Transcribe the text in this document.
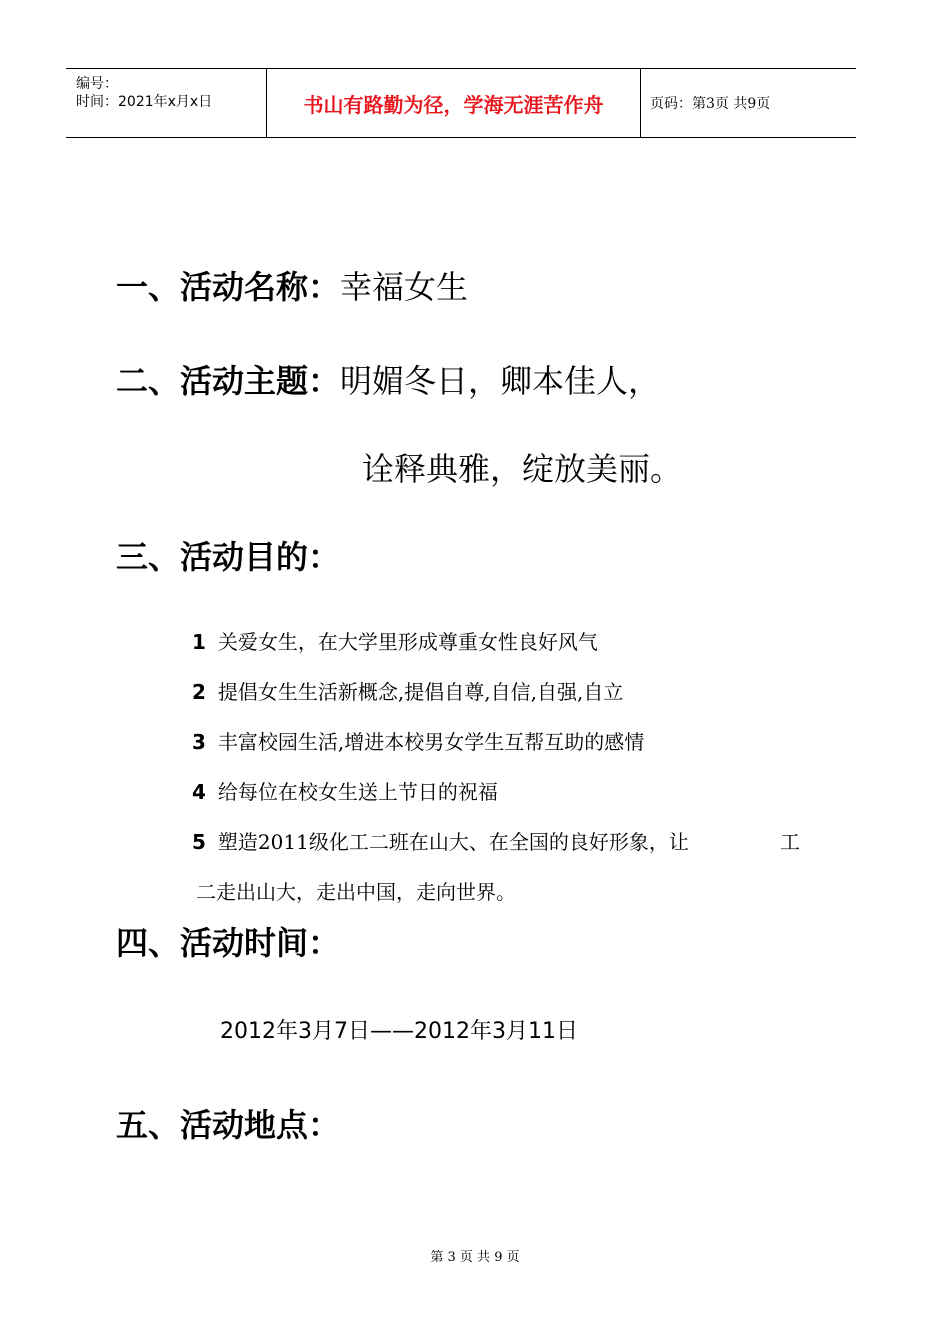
编号：
时间：2021年x月x日	书山有路勤为径，学海无涯苦作舟	页码：第3页 共9页
一、活动名称：幸福女生
二、活动主题：明媚冬日，卿本佳人，
诠释典雅，绽放美丽。
三、活动目的：
1 关爱女生，在大学里形成尊重女性良好风气
2 提倡女生生活新概念,提倡自尊,自信,自强,自立
3 丰富校园生活,增进本校男女学生互帮互助的感情
4 给每位在校女生送上节日的祝福
5 塑造2011级化工二班在山大、在全国的良好形象，让	工
二走出山大，走出中国，走向世界。
四、活动时间：
2012年3月7日——2012年3月11日
五、活动地点：
第 3 页 共 9 页
